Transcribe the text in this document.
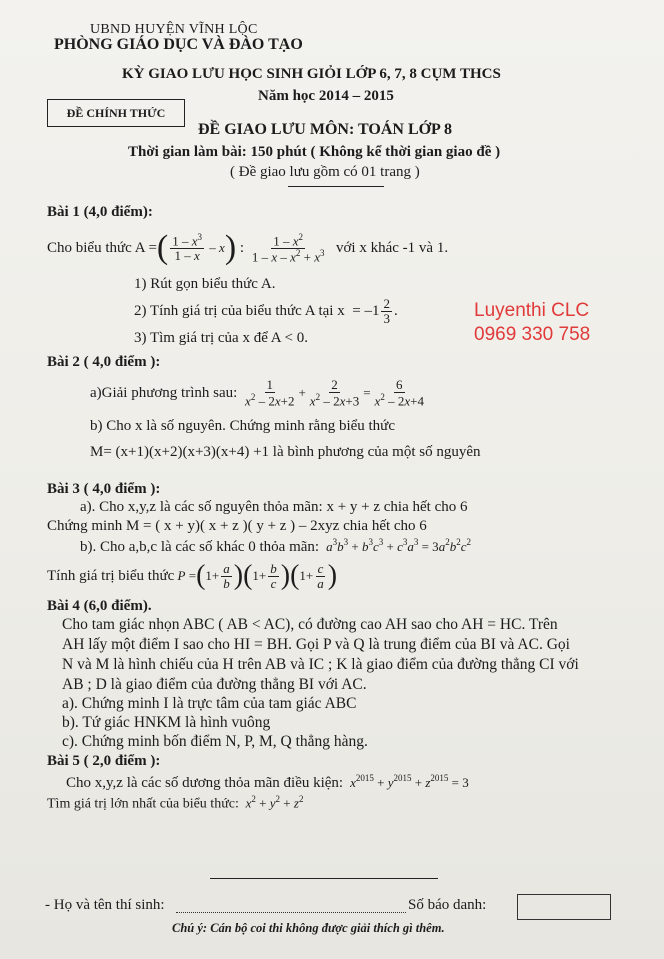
UBND HUYỆN VĨNH LỘC
PHÒNG GIÁO DỤC VÀ ĐÀO TẠO
KỲ GIAO LƯU HỌC SINH GIỎI LỚP 6, 7, 8 CỤM THCS
Năm học 2014 – 2015
ĐỀ CHÍNH THỨC
ĐỀ GIAO LƯU MÔN: TOÁN LỚP 8
Thời gian làm bài: 150 phút ( Không kể thời gian giao đề )
( Đề giao lưu gồm có 01 trang )
Bài 1 (4,0 điểm):
Cho biểu thức A = ( $\frac{1 - x^3}{1 - x}$ – x ) : $\frac{1 - x^2}{1 - x - x^2 + x^3}$
với x khác -1 và 1.
1) Rút gọn biểu thức A.
2) Tính giá trị của biểu thức A tại $x = -1 \frac{2}{3}$ .
3) Tìm giá trị của x để A < 0.
Luyenthi CLC
0969 330 758
Bài 2 ( 4,0 điểm ):
a)Giải phương trình sau:
$\frac{1}{x^2 - 2x+2} + \frac{2}{x^2 - 2x+3} = \frac{6}{x^2 - 2x+4}$
b) Cho x là số nguyên. Chứng minh rằng biểu thức
M= (x+1)(x+2)(x+3)(x+4) +1 là bình phương của một số nguyên
Bài 3 ( 4,0 điểm ):
a). Cho x,y,z là các số nguyên thỏa mãn: x + y + z chia hết cho 6
Chứng minh M = ( x + y)( x + z )( y + z ) – 2xyz chia hết cho 6
b). Cho a,b,c là các số khác 0 thỏa mãn:  $a^3b^3 + b^3c^3 + c^3a^3 = 3a^2b^2c^2$
Tính giá trị biểu thức P = ( $1+ \frac{a}{b}$ ) ( $1+ \frac{b}{c}$ ) ( $1+ \frac{c}{a}$ )
Bài 4 (6,0 điểm).
Cho tam giác nhọn ABC ( AB < AC), có đường cao AH sao cho AH = HC. Trên
AH lấy một điểm I sao cho HI = BH. Gọi P và Q là trung điểm của BI và AC. Gọi
N và M là hình chiếu của H trên AB và IC ; K là giao điểm của đường thẳng CI với
AB ; D là giao điểm của đường thẳng BI với AC.
a). Chứng minh I là trực tâm của tam giác ABC
b). Tứ giác HNKM là hình vuông
c). Chứng minh bốn điểm N, P, M, Q thẳng hàng.
Bài 5 ( 2,0 điểm ):
Cho x,y,z là các số dương thỏa mãn điều kiện:  $x^{2015} + y^{2015} + z^{2015} = 3$
Tìm giá trị lớn nhất của biểu thức:  $x^2 + y^2 + z^2$
- Họ và tên thí sinh:	Số báo danh:
Chú ý: Cán bộ coi thi không được giải thích gì thêm.
